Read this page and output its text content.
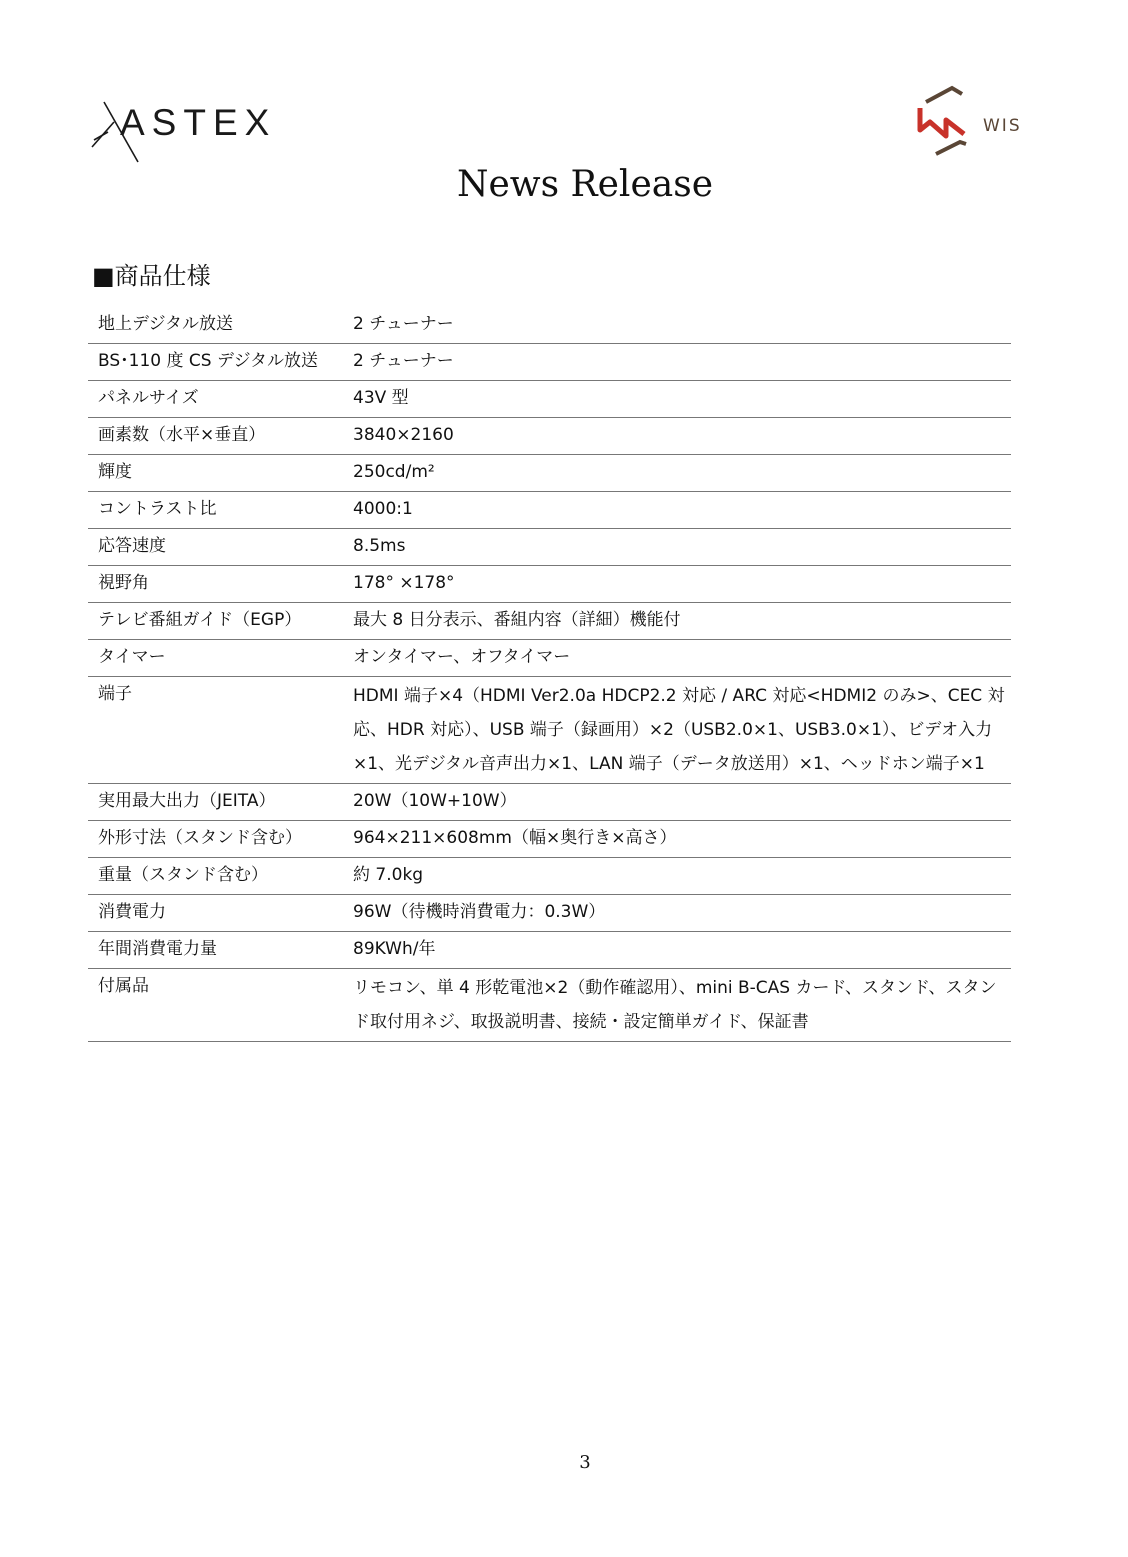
ASTEX	WIS
News Release
■商品仕様
地上デジタル放送	2 チューナー
BS･110 度 CS デジタル放送	2 チューナー
パネルサイズ	43V 型
画素数（水平×垂直）	3840×2160
輝度	250cd/m²
コントラスト比	4000:1
応答速度	8.5ms
視野角	178° ×178°
テレビ番組ガイド（EGP）	最大 8 日分表示、番組内容（詳細）機能付
タイマー	オンタイマー、オフタイマー
端子	HDMI 端子×4（HDMI Ver2.0a HDCP2.2 対応 / ARC 対応<HDMI2 のみ>、CEC 対応、HDR 対応）、USB 端子（録画用）×2（USB2.0×1、USB3.0×1）、ビデオ入力×1、光デジタル音声出力×1、LAN 端子（データ放送用）×1、ヘッドホン端子×1
実用最大出力（JEITA）	20W（10W+10W）
外形寸法（スタンド含む）	964×211×608mm（幅×奥行き×高さ）
重量（スタンド含む）	約 7.0kg
消費電力	96W（待機時消費電力：0.3W）
年間消費電力量	89KWh/年
付属品	リモコン、単 4 形乾電池×2（動作確認用）、mini B-CAS カード、スタンド、スタンド取付用ネジ、取扱説明書、接続・設定簡単ガイド、保証書
3
